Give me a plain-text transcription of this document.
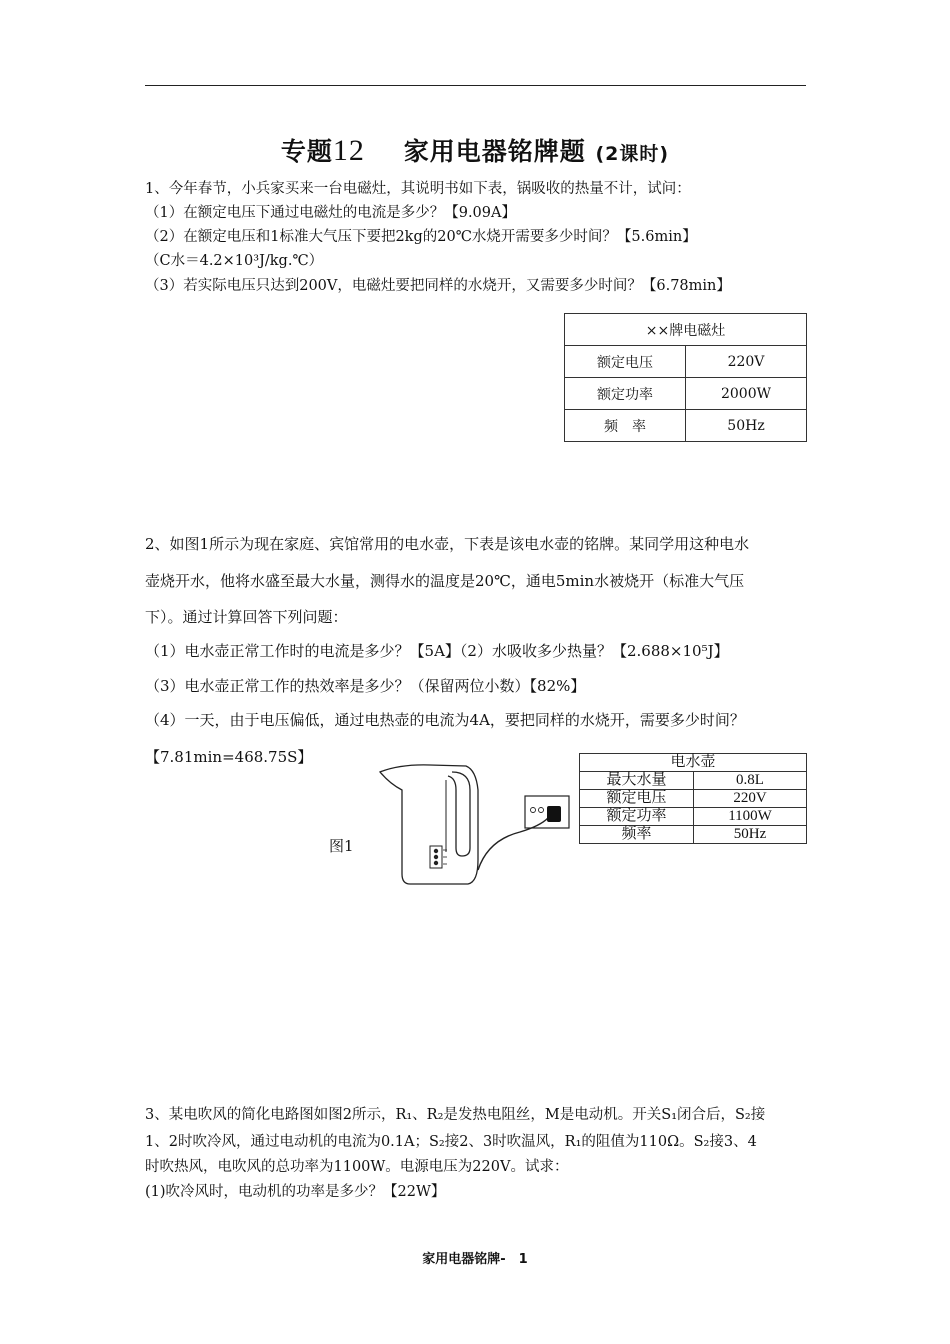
专题12 家用电器铭牌题 (2课时)
1、今年春节，小兵家买来一台电磁灶，其说明书如下表，锅吸收的热量不计，试问：
（1）在额定电压下通过电磁灶的电流是多少？【9.09A】
（2）在额定电压和1标准大气压下要把2kg的20℃水烧开需要多少时间？【5.6min】
（C水＝4.2×10³J/kg.℃）
（3）若实际电压只达到200V，电磁灶要把同样的水烧开，又需要多少时间？【6.78min】
××牌电磁灶	
额定电压	220V
额定功率	2000W
频　率	50Hz
2、如图1所示为现在家庭、宾馆常用的电水壶，下表是该电水壶的铭牌。某同学用这种电水
壶烧开水，他将水盛至最大水量，测得水的温度是20℃，通电5min水被烧开（标准大气压
下）。通过计算回答下列问题：
（1）电水壶正常工作时的电流是多少？【5A】（2）水吸收多少热量？【2.688×10⁵J】
（3）电水壶正常工作的热效率是多少？（保留两位小数）【82%】
（4）一天，由于电压偏低，通过电热壶的电流为4A，要把同样的水烧开，需要多少时间？
【7.81min=468.75S】
图1
电水壶	
最大水量	0.8L
额定电压	220V
额定功率	1100W
频率	50Hz
3、某电吹风的简化电路图如图2所示，R₁、R₂是发热电阻丝，M是电动机。开关S₁闭合后，S₂接
1、2时吹冷风，通过电动机的电流为0.1A；S₂接2、3时吹温风，R₁的阻值为110Ω。S₂接3、4
时吹热风，电吹风的总功率为1100W。电源电压为220V。试求：
(1)吹冷风时，电动机的功率是多少？【22W】
家用电器铭牌-　1
